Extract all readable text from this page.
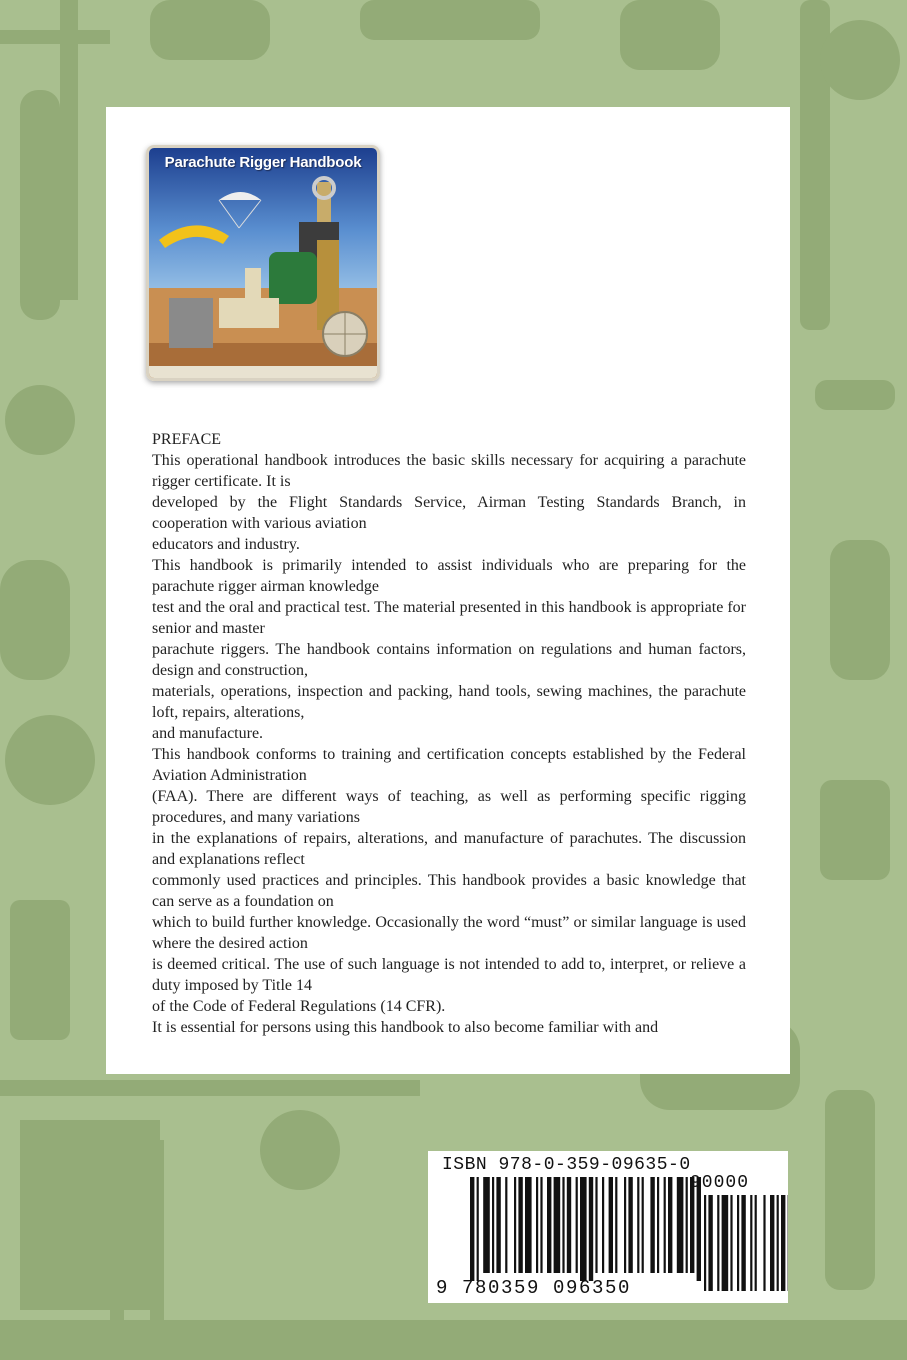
Parachute Rigger Handbook

PREFACE

This operational handbook introduces the basic skills necessary for acquiring a parachute rigger certificate. It is

developed by the Flight Standards Service, Airman Testing Standards Branch, in cooperation with various aviation

educators and industry.

This handbook is primarily intended to assist individuals who are preparing for the parachute rigger airman knowledge

test and the oral and practical test. The material presented in this handbook is appropriate for senior and master

parachute riggers. The handbook contains information on regulations and human factors, design and construction,

materials, operations, inspection and packing, hand tools, sewing machines, the parachute loft, repairs, alterations,

and manufacture.

This handbook conforms to training and certification concepts established by the Federal Aviation Administration

(FAA). There are different ways of teaching, as well as performing specific rigging procedures, and many variations

in the explanations of repairs, alterations, and manufacture of parachutes. The discussion and explanations reflect

commonly used practices and principles. This handbook provides a basic knowledge that can serve as a foundation on

which to build further knowledge. Occasionally the word “must” or similar language is used where the desired action

is deemed critical. The use of such language is not intended to add to, interpret, or relieve a duty imposed by Title 14

of the Code of Federal Regulations (14 CFR).

It is essential for persons using this handbook to also become familiar with and

ISBN 978-0-359-09635-0
9 780359 096350
90000
